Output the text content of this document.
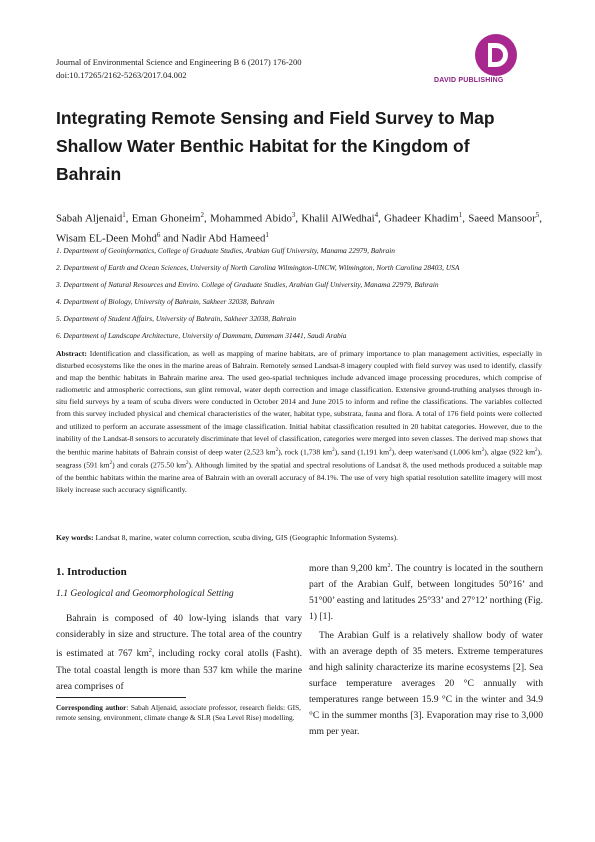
Journal of Environmental Science and Engineering B 6 (2017) 176-200
doi:10.17265/2162-5263/2017.04.002
DAVID PUBLISHING
Integrating Remote Sensing and Field Survey to Map Shallow Water Benthic Habitat for the Kingdom of Bahrain
Sabah Aljenaid$^1$, Eman Ghoneim$^2$, Mohammed Abido$^3$, Khalil AlWedhai$^4$, Ghadeer Khadim$^1$, Saeed Mansoor$^5$, Wisam EL-Deen Mohd$^6$ and Nadir Abd Hameed$^1$
1. Department of Geoinformatics, College of Graduate Studies, Arabian Gulf University, Manama 22979, Bahrain
2. Department of Earth and Ocean Sciences, University of North Carolina Wilmington-UNCW, Wilmington, North Carolina 28403, USA
3. Department of Natural Resources and Enviro. College of Graduate Studies, Arabian Gulf University, Manama 22979, Bahrain
4. Department of Biology, University of Bahrain, Sakheer 32038, Bahrain
5. Department of Student Affairs, University of Bahrain, Sakheer 32038, Bahrain
6. Department of Landscape Architecture, University of Dammam, Dammam 31441, Saudi Arabia
Abstract: Identification and classification, as well as mapping of marine habitats, are of primary importance to plan management activities, especially in disturbed ecosystems like the ones in the marine areas of Bahrain. Remotely sensed Landsat-8 imagery coupled with field survey was used to identify, classify and map the benthic habitats in Bahrain marine area. The used geo-spatial techniques include advanced image processing procedures, which comprise of radiometric and atmospheric corrections, sun glint removal, water depth correction and image classification. Extensive ground-truthing analyses through in-situ field surveys by a team of scuba divers were conducted in October 2014 and June 2015 to inform and refine the classifications. The variables collected from this survey included physical and chemical characteristics of the water, habitat type, substrata, fauna and flora. A total of 176 field points were collected and utilized to perform an accurate assessment of the image classification. Initial habitat classification resulted in 20 habitat categories. However, due to the inability of the Landsat-8 sensors to accurately discriminate that level of classification, categories were merged into seven classes. The derived map shows that the benthic marine habitats of Bahrain consist of deep water (2,523 $km^2$), rock (1,738 $km^2$), sand (1,191 $km^2$), deep water/sand (1,006 $km^2$), algae (922 $km^2$), seagrass (591 $km^2$) and corals (275.50 $km^2$). Although limited by the spatial and spectral resolutions of Landsat 8, the used methods produced a suitable map of the benthic habitats within the marine area of Bahrain with an overall accuracy of 84.1%. The use of very high spatial resolution satellite imagery will most likely increase such accuracy significantly.
Key words: Landsat 8, marine, water column correction, scuba diving, GIS (Geographic Information Systems).
1. Introduction
1.1 Geological and Geomorphological Setting

Bahrain is composed of 40 low-lying islands that vary considerably in size and structure. The total area of the country is estimated at 767 $km^2$, including rocky coral atolls (Fasht). The total coastal length is more than 537 km while the marine area comprises of

more than 9,200 $km^2$. The country is located in the southern part of the Arabian Gulf, between longitudes 50°16’ and 51°00’ easting and latitudes 25°33’ and 27°12’ northing (Fig. 1) [1].

The Arabian Gulf is a relatively shallow body of water with an average depth of 35 meters. Extreme temperatures and high salinity characterize its marine ecosystems [2]. Sea surface temperature averages 20 °C annually with temperatures range between 15.9 °C in the winter and 34.9 °C in the summer months [3]. Evaporation may rise to 3,000 mm per year.

Corresponding author: Sabah Aljenaid, associate professor, research fields: GIS, remote sensing, environment, climate change & SLR (Sea Level Rise) modelling.
